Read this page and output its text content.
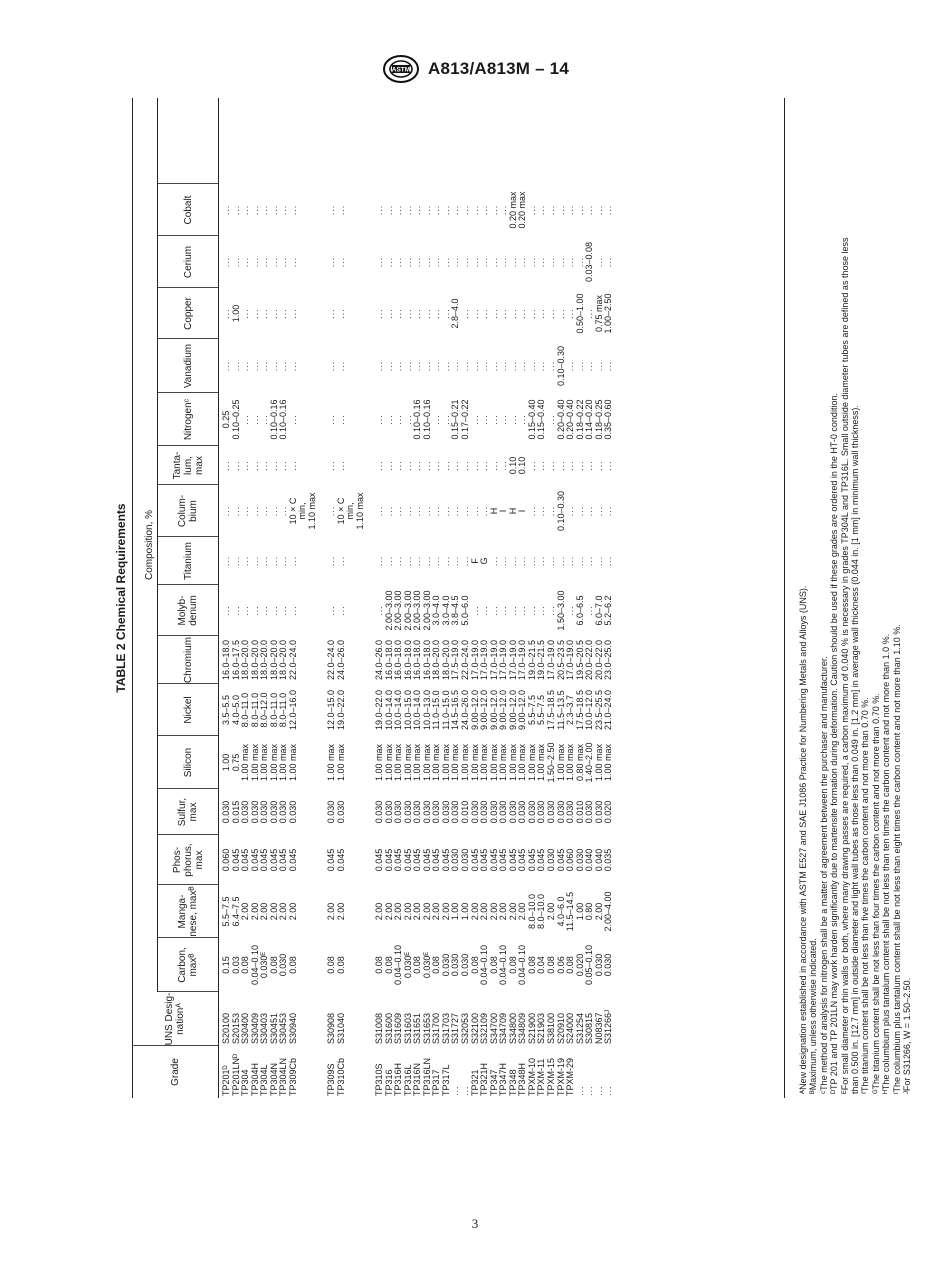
ASTM A813/A813M – 14
TABLE 2 Chemical Requirements	Composition, %
Grade
UNS Desig-nationᴬ
Carbon, maxᴮ
Manga-nese, maxᴮ
Phos-phorus, max
Sulfur, max
Silicon
Nickel
Chromium
Molyb-denum
Titanium
Colum-bium
Tanta-lum, max
Nitrogenᶜ
Vanadium
Copper
Cerium
Cobalt
TP201ᴰ
S20100
0.15
5.5–7.5
0.060
0.030
1.00
3.5–5.5
16.0–18.0
...
...
...
...
0.25
...
...
...
...
TP201LNᴰ
S20153
0.03
6.4–7.5
0.045
0.015
0.75
4.0–5.0
16.0–17.5
...
...
...
...
0.10–0.25
...
1.00
...
...
TP304
S30400
0.08
2.00
0.045
0.030
1.00 max
8.0–11.0
18.0–20.0
...
...
...
...
...
...
...
...
...
TP304H
S30409
0.04–0.10
2.00
0.045
0.030
1.00 max
8.0–11.0
18.0–20.0
...
...
...
...
...
...
...
...
...
TP304L
S30403
0.030ᴱ
2.00
0.045
0.030
1.00 max
8.0–12.0
18.0–20.0
...
...
...
...
...
...
...
...
...
TP304N
S30451
0.08
2.00
0.045
0.030
1.00 max
8.0–11.0
18.0–20.0
...
...
...
...
0.10–0.16
...
...
...
...
TP304LN
S30453
0.030
2.00
0.045
0.030
1.00 max
8.0–11.0
18.0–20.0
...
...
...
...
0.10–0.16
...
...
...
...
TP309Cb
S30940
0.08
2.00
0.045
0.030
1.00 max
12.0–16.0
22.0–24.0
...
...
10 × C
...
...
...
...
...
...
min, 1.10 max
TP309S
S30908
0.08
2.00
0.045
0.030
1.00 max
12.0–15.0
22.0–24.0
...
...
...
...
...
...
...
...
...
TP310Cb
S31040
0.08
2.00
0.045
0.030
1.00 max
19.0–22.0
24.0–26.0
...
...
10 × C
...
...
...
...
...
...
min, 1.10 max
TP310S
S31008
0.08
2.00
0.045
0.030
1.00 max
19.0–22.0
24.0–26.0
...
...
...
...
...
...
...
...
...
TP316
S31600
0.08
2.00
0.045
0.030
1.00 max
10.0–14.0
16.0–18.0
2.00–3.00
...
...
...
...
...
...
...
...
TP316H
S31609
0.04–0.10
2.00
0.045
0.030
1.00 max
10.0–14.0
16.0–18.0
2.00–3.00
...
...
...
...
...
...
...
...
TP316L
S31603
0.030ᴱ
2.00
0.045
0.030
1.00 max
10.0–15.0
16.0–18.0
2.00–3.00
...
...
...
...
...
...
...
...
TP316N
S31651
0.08
2.00
0.045
0.030
1.00 max
10.0–14.0
16.0–18.0
2.00–3.00
...
...
...
0.10–0.16
...
...
...
...
TP316LN
S31653
0.030ᴱ
2.00
0.045
0.030
1.00 max
10.0–13.0
16.0–18.0
2.00–3.00
...
...
...
0.10–0.16
...
...
...
...
TP317
S31700
0.08
2.00
0.045
0.030
1.00 max
11.0–15.0
18.0–20.0
3.0–4.0
...
...
...
...
...
...
...
...
TP317L
S31703
0.030
2.00
0.045
0.030
1.00 max
11.0–15.0
18.0–20.0
3.0–4.0
...
...
...
...
...
...
...
...
...
S31727
0.030
1.00
0.030
0.030
1.00 max
14.5–16.5
17.5–19.0
3.8–4.5
...
...
...
0.15–0.21
...
2.8–4.0
...
...
...
S32053
0.030
1.00
0.030
0.010
1.00 max
24.0–26.0
22.0–24.0
5.0–6.0
...
...
...
0.17–0.22
...
...
...
...
TP321
S32100
0.08
2.00
0.045
0.030
1.00 max
9.00–12.0
17.0–19.0
...
F
...
...
...
...
...
...
...
TP321H
S32109
0.04–0.10
2.00
0.045
0.030
1.00 max
9.00–12.0
17.0–19.0
...
G
...
...
...
...
...
...
...
TP347
S34700
0.08
2.00
0.045
0.030
1.00 max
9.00–12.0
17.0–19.0
...
...
H
...
...
...
...
...
...
TP347H
S34709
0.04–0.10
2.00
0.045
0.030
1.00 max
9.00–12.0
17.0–19.0
...
...
I
...
...
...
...
...
...
TP348
S34800
0.08
2.00
0.045
0.030
1.00 max
9.00–12.0
17.0–19.0
...
...
H
0.10
...
...
...
...
0.20 max
TP348H
S34809
0.04–0.10
2.00
0.045
0.030
1.00 max
9.00–12.0
17.0–19.0
...
...
I
0.10
...
...
...
...
0.20 max
TPXM-10
S21900
0.08
8.0–10.0
0.045
0.030
1.00 max
5.5–7.5
19.0–21.5
...
...
...
...
0.15–0.40
...
...
...
...
TPXM-11
S21903
0.04
8.0–10.0
0.045
0.030
1.00 max
5.5–7.5
19.0–21.5
...
...
...
...
0.15–0.40
...
...
...
...
TPXM-15
S38100
0.08
2.00
0.030
0.030
1.50–2.50
17.5–18.5
17.0–19.0
...
...
...
...
...
...
...
...
...
TPXM-19
S20910
0.06
4.0–6.0
0.045
0.030
1.00 max
11.5–13.5
20.5–23.5
1.50–3.00
...
0.10–0.30
...
0.20–0.40
0.10–0.30
...
...
...
TPXM-29
S24000
0.08
11.5–14.5
0.060
0.030
1.00 max
2.3–3.7
17.0–19.0
...
...
...
...
0.20–0.40
...
...
...
...
...
S31254
0.020
1.00
0.030
0.010
0.80 max
17.5–18.5
19.5–20.5
6.0–6.5
...
...
...
0.18–0.22
...
0.50–1.00
...
...
...
S30815
0.05–0.10
0.80
0.040
0.030
1.40–2.00
10.0–12.0
20.0–22.0
...
...
...
...
0.14–0.20
...
...
0.03–0.08
...
...
N08367
0.030
2.00
0.040
0.030
1.00 max
23.5–25.5
20.0–22.0
6.0–7.0
...
...
...
0.18–0.25
...
0.75 max
...
...
...
S31266ᴶ
0.030
2.00–4.00
0.035
0.020
1.00 max
21.0–24.0
23.0–25.0
5.2–6.2
...
...
...
0.35–0.60
...
1.00–2.50
...
...

ᴬNew designation established in accordance with ASTM E527 and SAE J1086 Practice for Numbering Metals and Alloys (UNS). ᴮMaximum, unless otherwise indicated. ᶜThe method of analysis for nitrogen shall be a matter of agreement between the purchaser and manufacturer. ᴰTP 201 and TP 201LN may work harden significantly due to martensite formation during deformation. Caution should be used if these grades are ordered in the HT-0 condition. ᴱFor small diameter or thin walls or both, where many drawing passes are required, a carbon maximum of 0.040 % is necessary in grades TP304L and TP316L. Small outside diameter tubes are defined as those less than 0.500 in. [12.7 mm] in outside diameter and light wall tubes as those less than 0.049 in. [1.2 mm] in average wall thickness (0.044 in. [1 mm] in minimum wall thickness). ᶠThe titanium content shall be not less than five times the carbon content and not more than 0.70 %. ᴳThe titanium content shall be not less than four times the carbon content and not more than 0.70 %. ᴴThe columbium plus tantalum content shall be not less than ten times the carbon content and not more than 1.0 %. ᴵThe columbium plus tantalum content shall be not less than eight times the carbon content and not more than 1.10 %. ᴶFor S31266, W = 1.50–2.50.

3
